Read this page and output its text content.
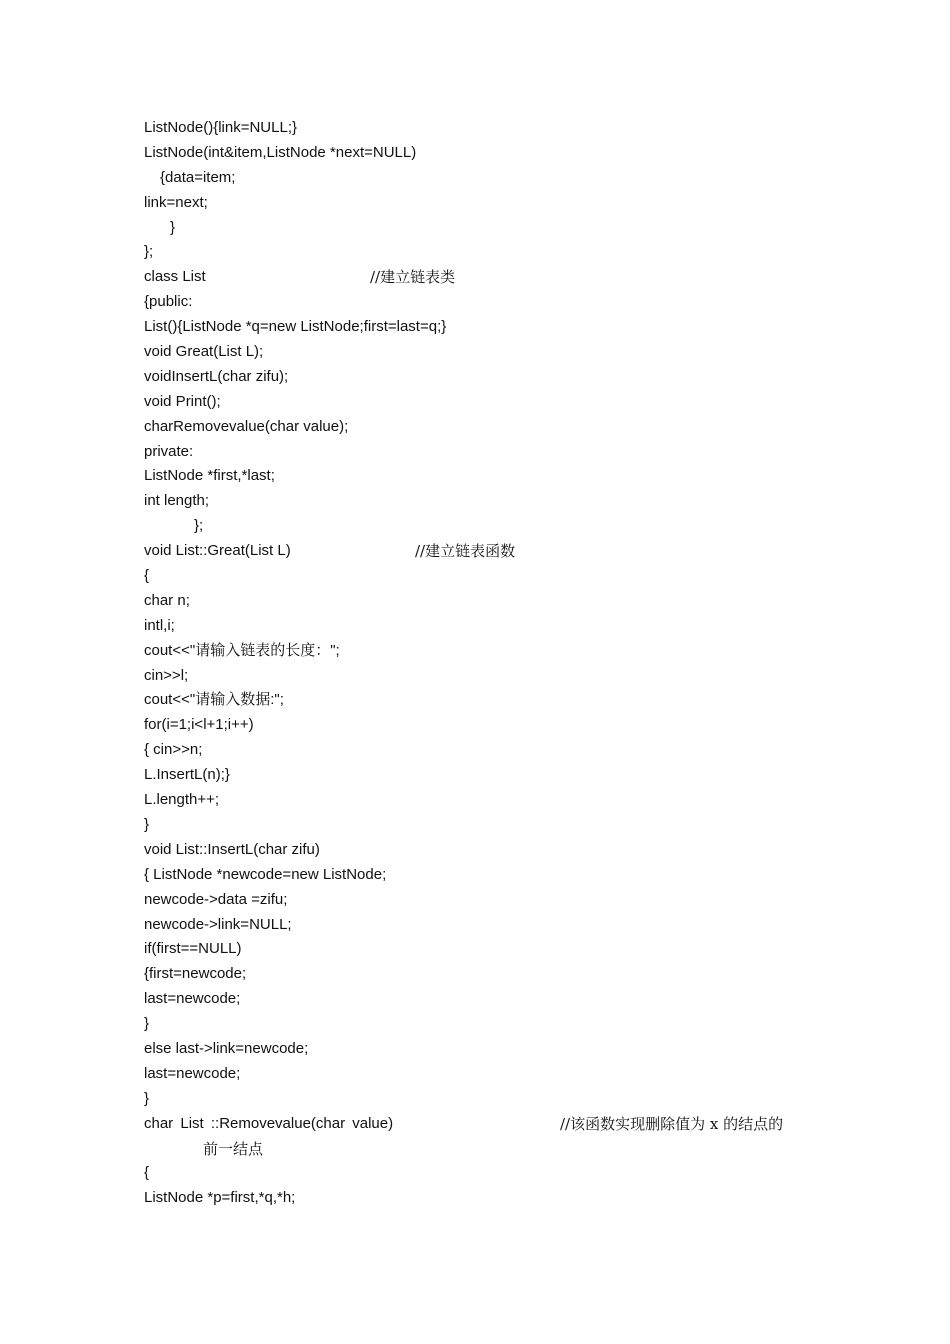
ListNode(){link=NULL;}
ListNode(int&item,ListNode *next=NULL)
{data=item;
link=next;
}
};

class List

	//建立链表类

{public:
List(){ListNode *q=new ListNode;first=last=q;}
void Great(List L);
voidInsertL(char zifu);
void Print();
charRemovevalue(char value);
private:
ListNode *first,*last;
int length;
};

void List::Great(List L)

	//建立链表函数

{
char n;
intl,i;
cout<<"请输入链表的长度：";
cin>>l;
cout<<"请输入数据:";
for(i=1;i<l+1;i++)
{ cin>>n;
L.InsertL(n);}
L.length++;
}
void List::InsertL(char zifu)
{ ListNode *newcode=new ListNode;
newcode->data =zifu;
newcode->link=NULL;
if(first==NULL)
{first=newcode;
last=newcode;
}
else last->link=newcode;
last=newcode;
}

char List ::Removevalue(char value)

	//该函数实现删除值为 x 的结点的

前一结点
{
ListNode *p=first,*q,*h;
